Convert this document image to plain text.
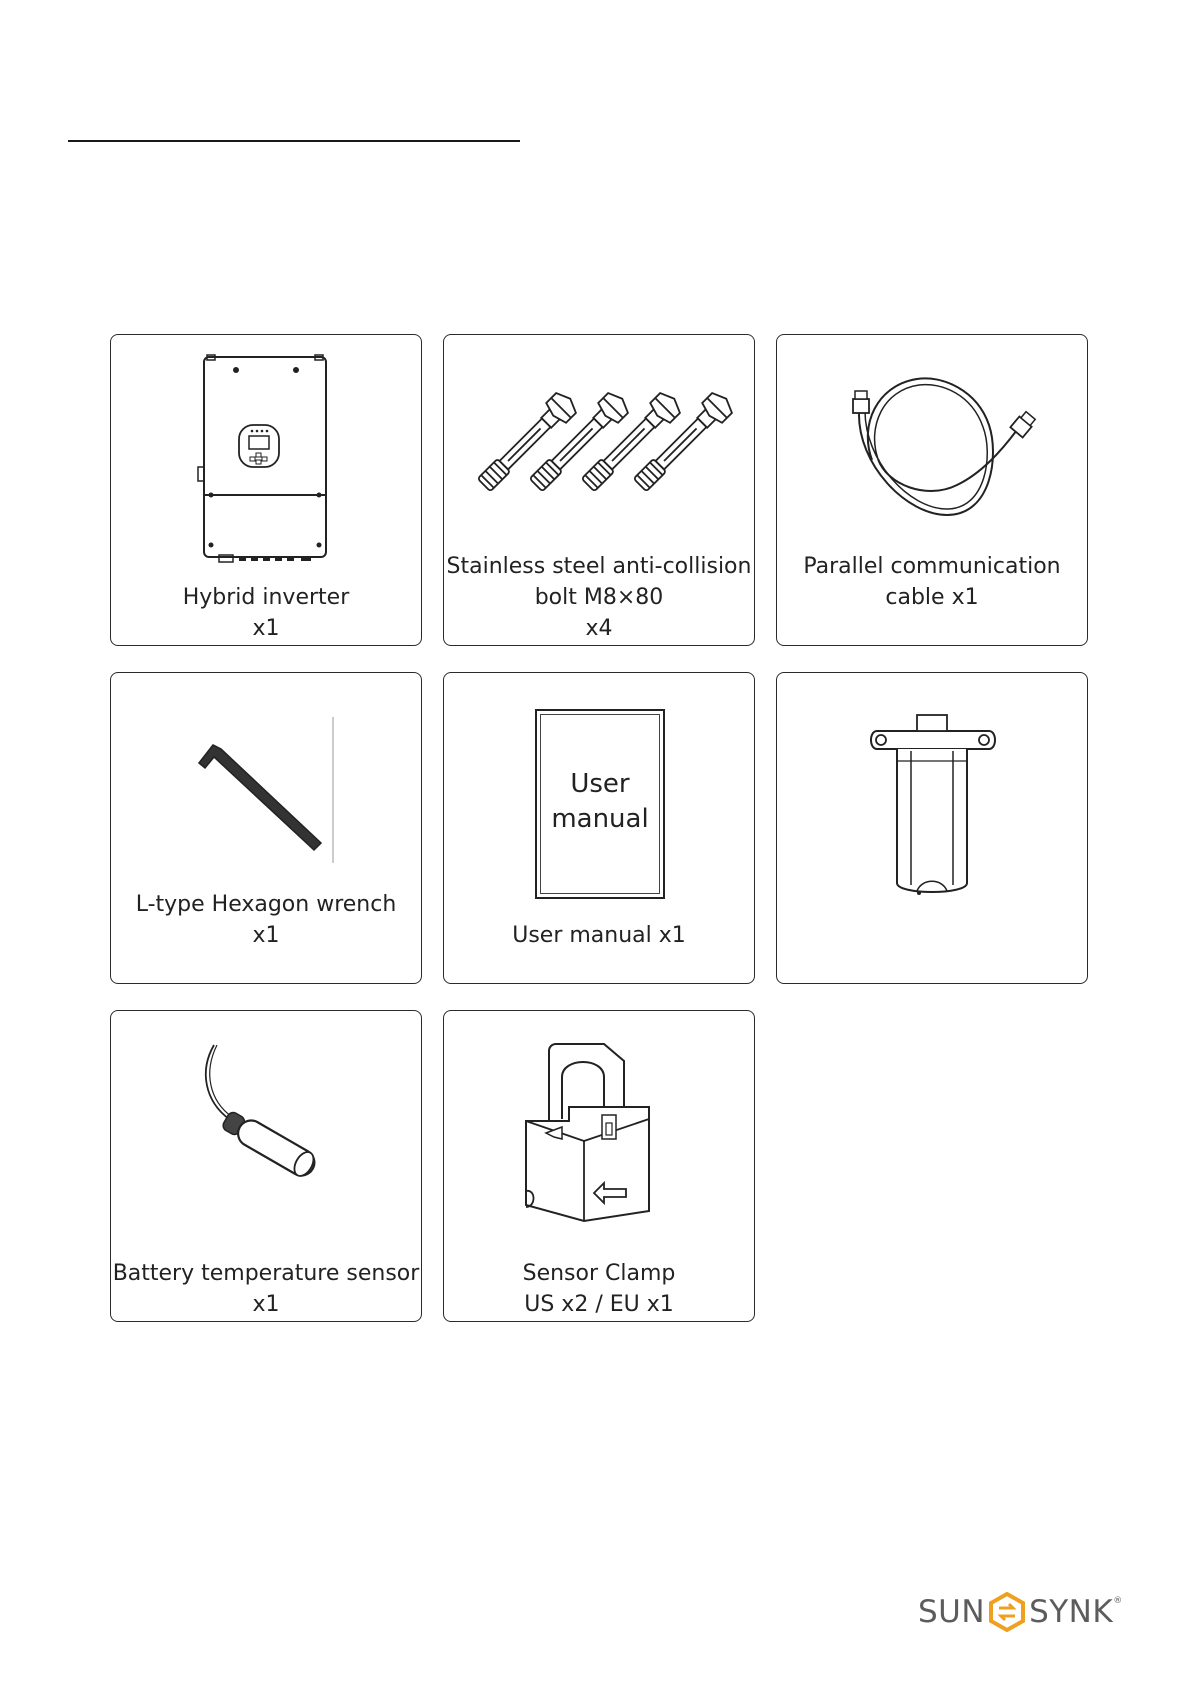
Hybrid inverter
x1
Stainless steel anti-collision
bolt M8×80
x4
Parallel communication
cable x1
L-type Hexagon wrench
x1
User
manual
User manual x1
Battery temperature sensor
x1
Sensor Clamp
US x2 / EU x1
SUN SYNK®
